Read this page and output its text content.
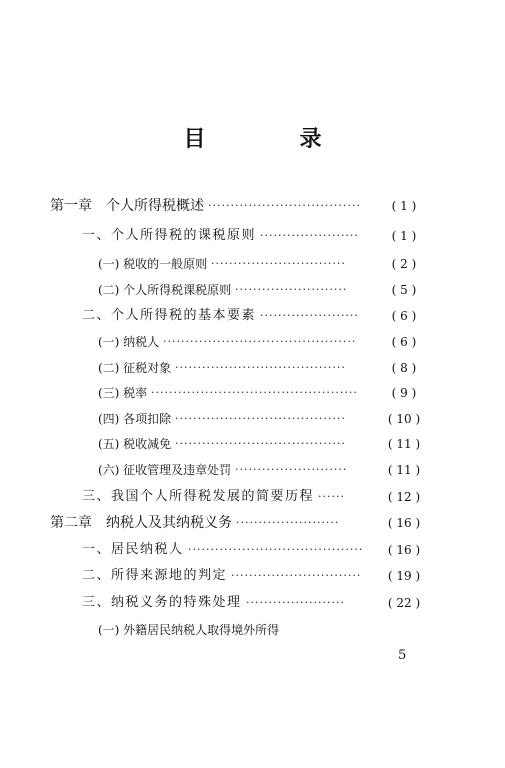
目　录
第一章　个人所得税概述 ··································	( 1 )
一、个人所得税的课税原则 ······················	( 1 )
(一) 税收的一般原则 ······························	( 2 )
(二) 个人所得税课税原则 ·························	( 5 )
二、个人所得税的基本要素 ······················	( 6 )
(一) 纳税人 ···········································	( 6 )
(二) 征税对象 ······································	( 8 )
(三) 税率 ··············································	( 9 )
(四) 各项扣除 ······································	( 10 )
(五) 税收减免 ······································	( 11 )
(六) 征收管理及违章处罚 ·························	( 11 )
三、我国个人所得税发展的简要历程 ······	( 12 )
第二章　纳税人及其纳税义务 ·······················	( 16 )
一、居民纳税人 ·······································	( 16 )
二、所得来源地的判定 ·····························	( 19 )
三、纳税义务的特殊处理 ······················	( 22 )
(一) 外籍居民纳税人取得境外所得
5
